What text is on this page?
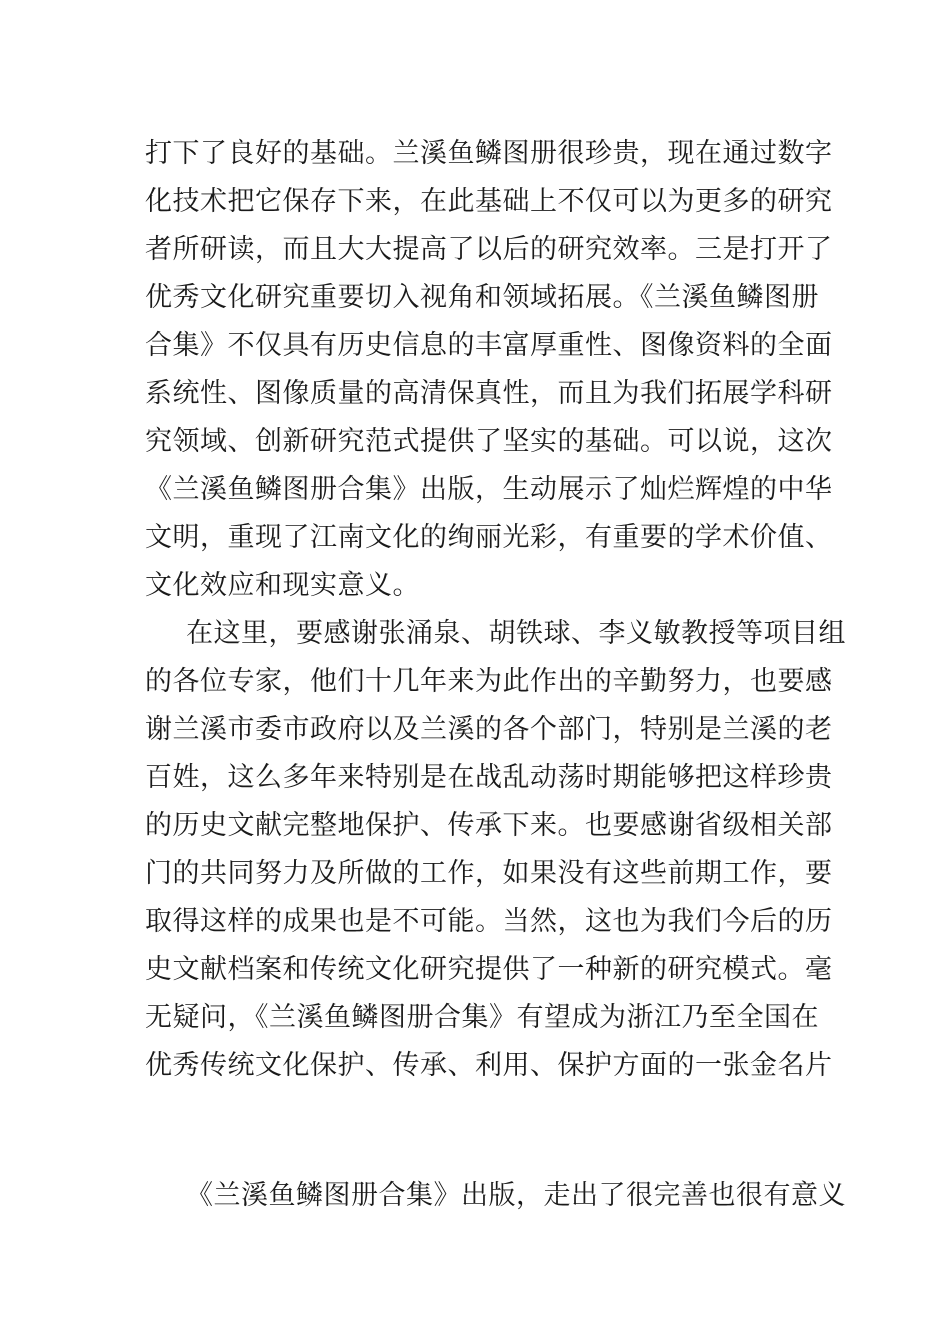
打下了良好的基础。兰溪鱼鳞图册很珍贵，现在通过数字
化技术把它保存下来，在此基础上不仅可以为更多的研究
者所研读，而且大大提高了以后的研究效率。三是打开了
优秀文化研究重要切入视角和领域拓展。《兰溪鱼鳞图册
合集》不仅具有历史信息的丰富厚重性、图像资料的全面
系统性、图像质量的高清保真性，而且为我们拓展学科研
究领域、创新研究范式提供了坚实的基础。可以说，这次
《兰溪鱼鳞图册合集》出版，生动展示了灿烂辉煌的中华
文明，重现了江南文化的绚丽光彩，有重要的学术价值、
文化效应和现实意义。
在这里，要感谢张涌泉、胡铁球、李义敏教授等项目组
的各位专家，他们十几年来为此作出的辛勤努力，也要感
谢兰溪市委市政府以及兰溪的各个部门，特别是兰溪的老
百姓，这么多年来特别是在战乱动荡时期能够把这样珍贵
的历史文献完整地保护、传承下来。也要感谢省级相关部
门的共同努力及所做的工作，如果没有这些前期工作，要
取得这样的成果也是不可能。当然，这也为我们今后的历
史文献档案和传统文化研究提供了一种新的研究模式。毫
无疑问，《兰溪鱼鳞图册合集》有望成为浙江乃至全国在
优秀传统文化保护、传承、利用、保护方面的一张金名片
《兰溪鱼鳞图册合集》出版，走出了很完善也很有意义
